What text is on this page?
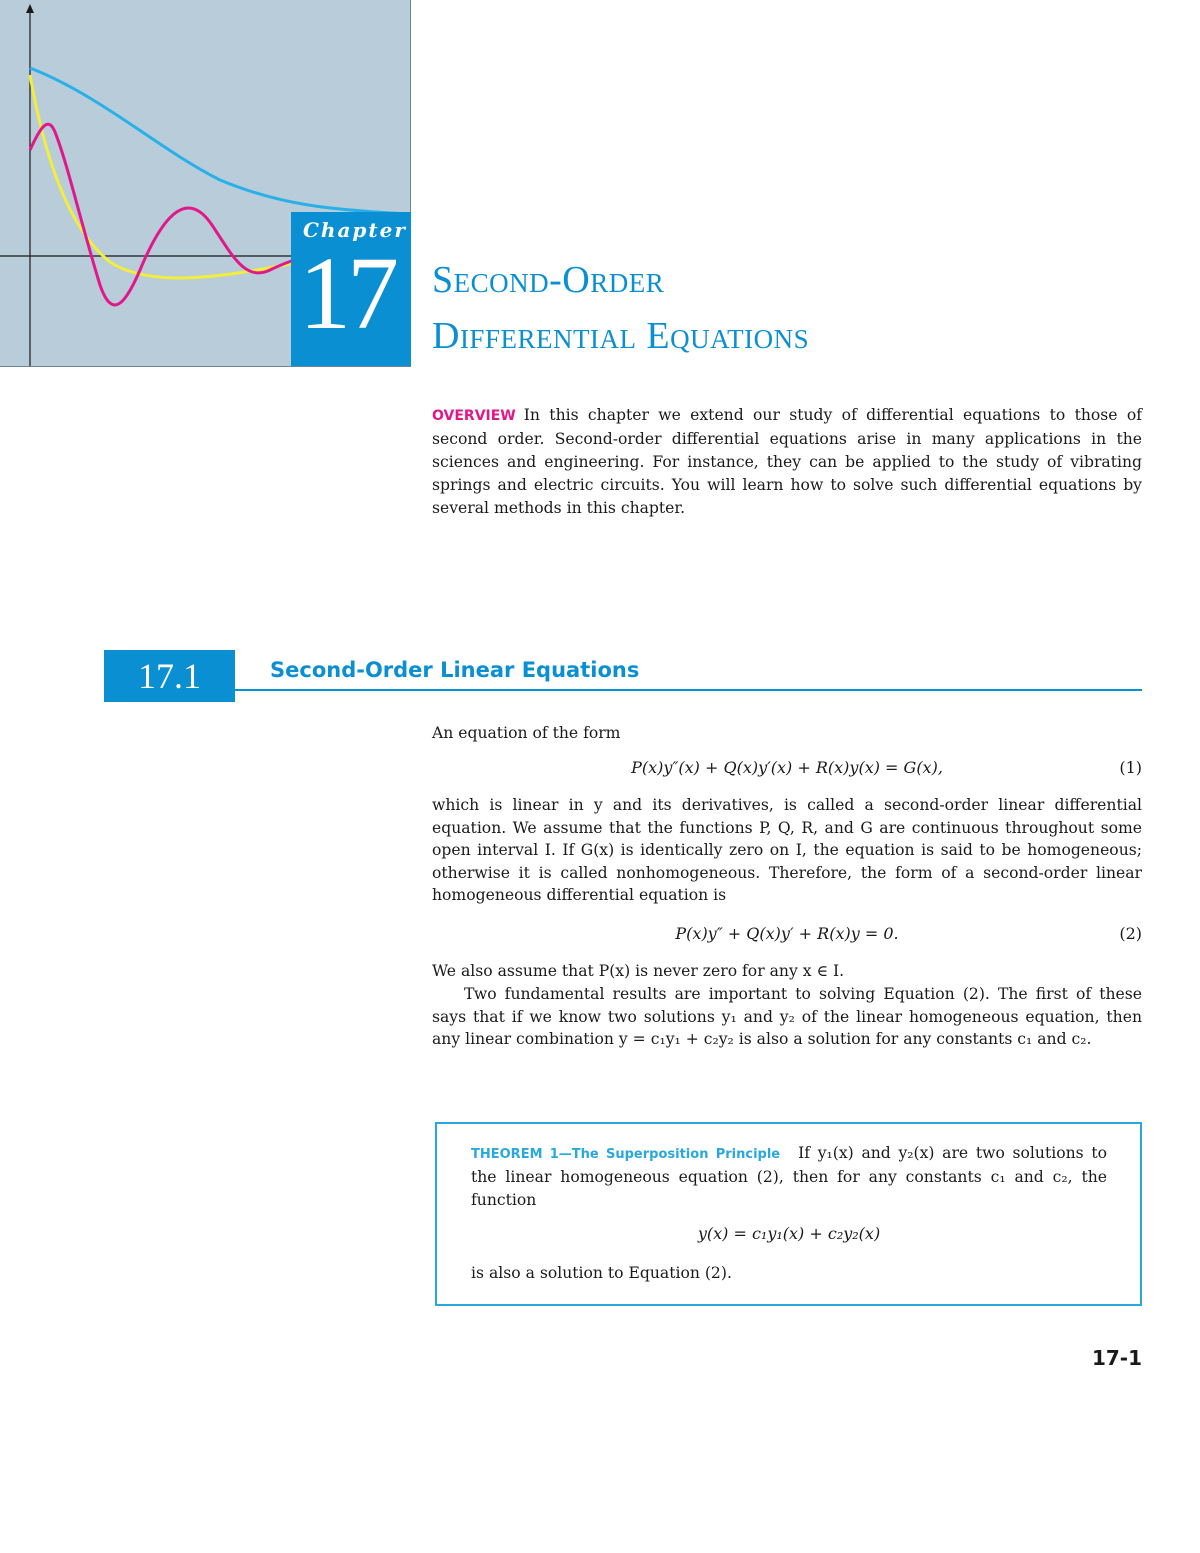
Chapter
17 Second-Order
Differential Equations

OVERVIEW In this chapter we extend our study of differential equations to those of second order. Second-order differential equations arise in many applications in the sciences and engineering. For instance, they can be applied to the study of vibrating springs and electric circuits. You will learn how to solve such differential equations by several methods in this chapter.

17.1	Second-Order Linear Equations

An equation of the form

P(x)y″(x) + Q(x)y′(x) + R(x)y(x) = G(x),	(1)

which is linear in y and its derivatives, is called a second-order linear differential equation. We assume that the functions P, Q, R, and G are continuous throughout some open interval I. If G(x) is identically zero on I, the equation is said to be homogeneous; otherwise it is called nonhomogeneous. Therefore, the form of a second-order linear homogeneous differential equation is

P(x)y″ + Q(x)y′ + R(x)y = 0.	(2)

We also assume that P(x) is never zero for any x ∈ I.

Two fundamental results are important to solving Equation (2). The first of these says that if we know two solutions y₁ and y₂ of the linear homogeneous equation, then any linear combination y = c₁y₁ + c₂y₂ is also a solution for any constants c₁ and c₂.

THEOREM 1—The Superposition Principle If y₁(x) and y₂(x) are two solutions to the linear homogeneous equation (2), then for any constants c₁ and c₂, the function

y(x) = c₁y₁(x) + c₂y₂(x)

is also a solution to Equation (2).

17-1
